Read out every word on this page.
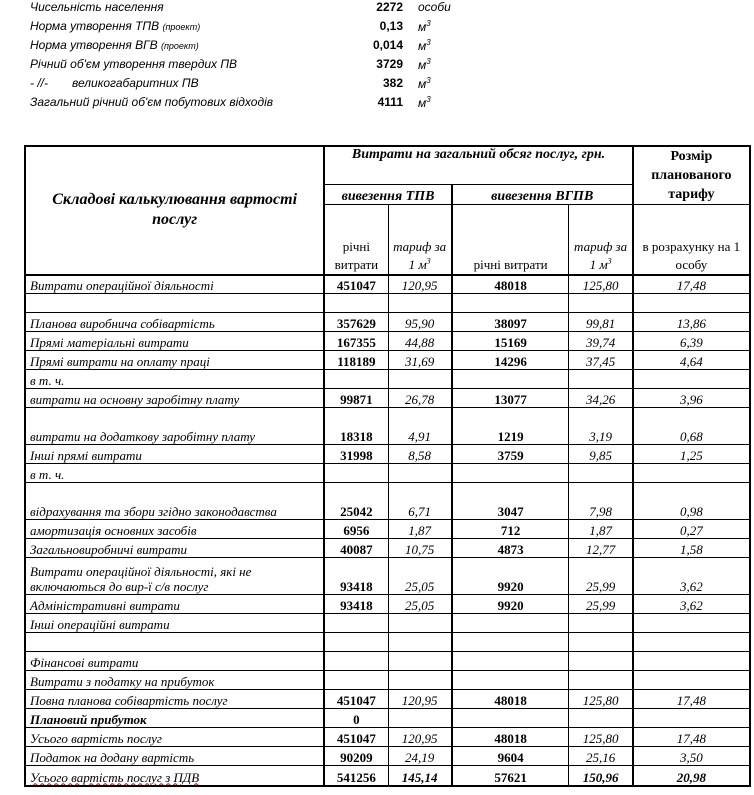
Чисельність населення	2272 особи
Норма утворення ТПВ (проект)	0,13 $м^3$
Норма утворення ВГВ (проект)	0,014 $м^3$
Річний об'єм утворення твердих ПВ	3729 $м^3$
- //- великогабаритних ПВ	382 $м^3$
Загальний річний об'єм побутових відходів	4111 $м^3$
Складові калькулювання вартості послуг	Витрати на загальний обсяг послуг, грн.				Розмір планованого тарифу
	вивезення ТПВ		вивезення ВГПВ		
	річні витрати	тариф за 1 $м^3$	річні витрати	тариф за 1 $м^3$	в розрахунку на 1 особу
Витрати операційної діяльності	451047	120,95	48018	125,80	17,48

Планова виробнича собівартість	357629	95,90	38097	99,81	13,86
Прямі матеріальні витрати	167355	44,88	15169	39,74	6,39
Прямі витрати на оплату праці	118189	31,69	14296	37,45	4,64
в т. ч.					
витрати на основну заробітну плату	99871	26,78	13077	34,26	3,96
витрати на додаткову заробітну плату	18318	4,91	1219	3,19	0,68
Інші прямі витрати	31998	8,58	3759	9,85	1,25
в т. ч.					
відрахування та збори згідно законодавства	25042	6,71	3047	7,98	0,98
амортизація основних засобів	6956	1,87	712	1,87	0,27
Загальновиробничі витрати	40087	10,75	4873	12,77	1,58
Витрати операційної діяльності, які не включаються до вир-ї с/в послуг	93418	25,05	9920	25,99	3,62
Адміністративні витрати	93418	25,05	9920	25,99	3,62
Інші операційні витрати					

Фінансові витрати					
Витрати з податку на прибуток					
Повна планова собівартість послуг	451047	120,95	48018	125,80	17,48
Плановий прибуток	0				
Усього вартість послуг	451047	120,95	48018	125,80	17,48
Податок на додану вартість	90209	24,19	9604	25,16	3,50
Усього вартість послуг з ПДВ	541256	145,14	57621	150,96	20,98
